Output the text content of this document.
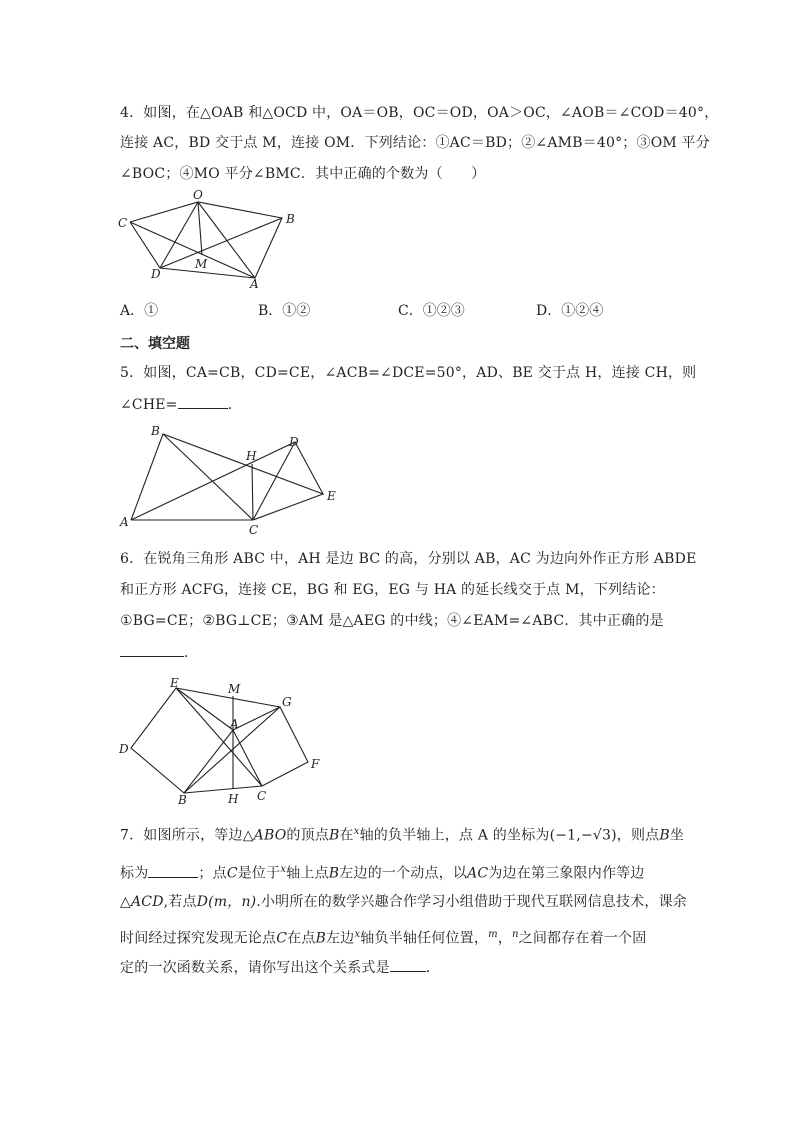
4．如图，在△OAB 和△OCD 中，OA＝OB，OC＝OD，OA＞OC，∠AOB＝∠COD＝40°，
连接 AC，BD 交于点 M，连接 OM．下列结论：①AC＝BD；②∠AMB＝40°；③OM 平分
∠BOC；④MO 平分∠BMC．其中正确的个数为（　　）
O
C	B
D
M
A
A．①	B．①②	C．①②③	D．①②④
二、填空题
5．如图，CA=CB，CD=CE，∠ACB=∠DCE=50°，AD、BE 交于点 H，连接 CH，则
∠CHE=	．
B
H
D
E
A
C
6．在锐角三角形 ABC 中，AH 是边 BC 的高，分别以 AB，AC 为边向外作正方形 ABDE
和正方形 ACFG，连接 CE，BG 和 EG，EG 与 HA 的延长线交于点 M，下列结论：
①BG=CE；②BG⊥CE；③AM 是△AEG 的中线；④∠EAM=∠ABC．其中正确的是
．
E	M
G
A
D
F
B	H C
7．如图所示，等边△ABO的顶点B在$^x$轴的负半轴上，点 A 的坐标为(−1,−√3)，则点B坐
标为	；点C是位于$^x$轴上点B左边的一个动点，以AC为边在第三象限内作等边
△ACD,若点D(m，n).小明所在的数学兴趣合作学习小组借助于现代互联网信息技术，课余
时间经过探究发现无论点C在点B左边$^x$轴负半轴任何位置，$^m$，$^n$之间都存在着一个固
定的一次函数关系，请你写出这个关系式是	．
